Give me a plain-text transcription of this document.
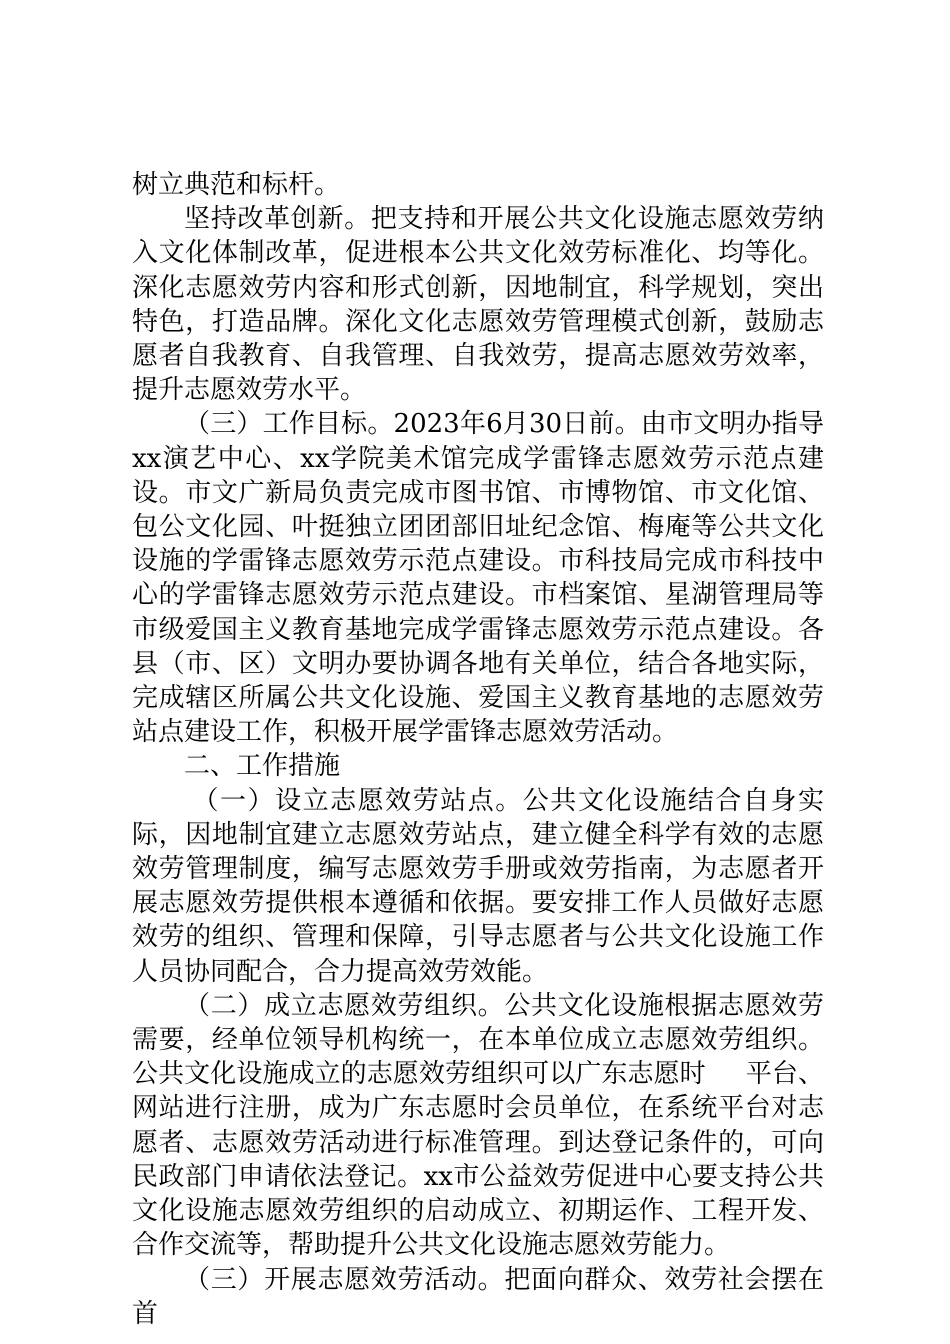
树立典范和标杆。

坚持改革创新。把支持和开展公共文化设施志愿效劳纳入文化体制改革，促进根本公共文化效劳标准化、均等化。深化志愿效劳内容和形式创新，因地制宜，科学规划，突出特色，打造品牌。深化文化志愿效劳管理模式创新，鼓励志愿者自我教育、自我管理、自我效劳，提高志愿效劳效率，提升志愿效劳水平。

（三）工作目标。2023年6月30日前。由市文明办指导xx演艺中心、xx学院美术馆完成学雷锋志愿效劳示范点建设。市文广新局负责完成市图书馆、市博物馆、市文化馆、包公文化园、叶挺独立团团部旧址纪念馆、梅庵等公共文化设施的学雷锋志愿效劳示范点建设。市科技局完成市科技中心的学雷锋志愿效劳示范点建设。市档案馆、星湖管理局等市级爱国主义教育基地完成学雷锋志愿效劳示范点建设。各县（市、区）文明办要协调各地有关单位，结合各地实际，完成辖区所属公共文化设施、爱国主义教育基地的志愿效劳站点建设工作，积极开展学雷锋志愿效劳活动。

二、工作措施

（一）设立志愿效劳站点。公共文化设施结合自身实际，因地制宜建立志愿效劳站点，建立健全科学有效的志愿效劳管理制度，编写志愿效劳手册或效劳指南，为志愿者开展志愿效劳提供根本遵循和依据。要安排工作人员做好志愿效劳的组织、管理和保障，引导志愿者与公共文化设施工作人员协同配合，合力提高效劳效能。

（二）成立志愿效劳组织。公共文化设施根据志愿效劳需要，经单位领导机构统一，在本单位成立志愿效劳组织。公共文化设施成立的志愿效劳组织可以广东志愿时 平台、网站进行注册，成为广东志愿时会员单位，在系统平台对志愿者、志愿效劳活动进行标准管理。到达登记条件的，可向民政部门申请依法登记。xx市公益效劳促进中心要支持公共文化设施志愿效劳组织的启动成立、初期运作、工程开发、合作交流等，帮助提升公共文化设施志愿效劳能力。

（三）开展志愿效劳活动。把面向群众、效劳社会摆在首
